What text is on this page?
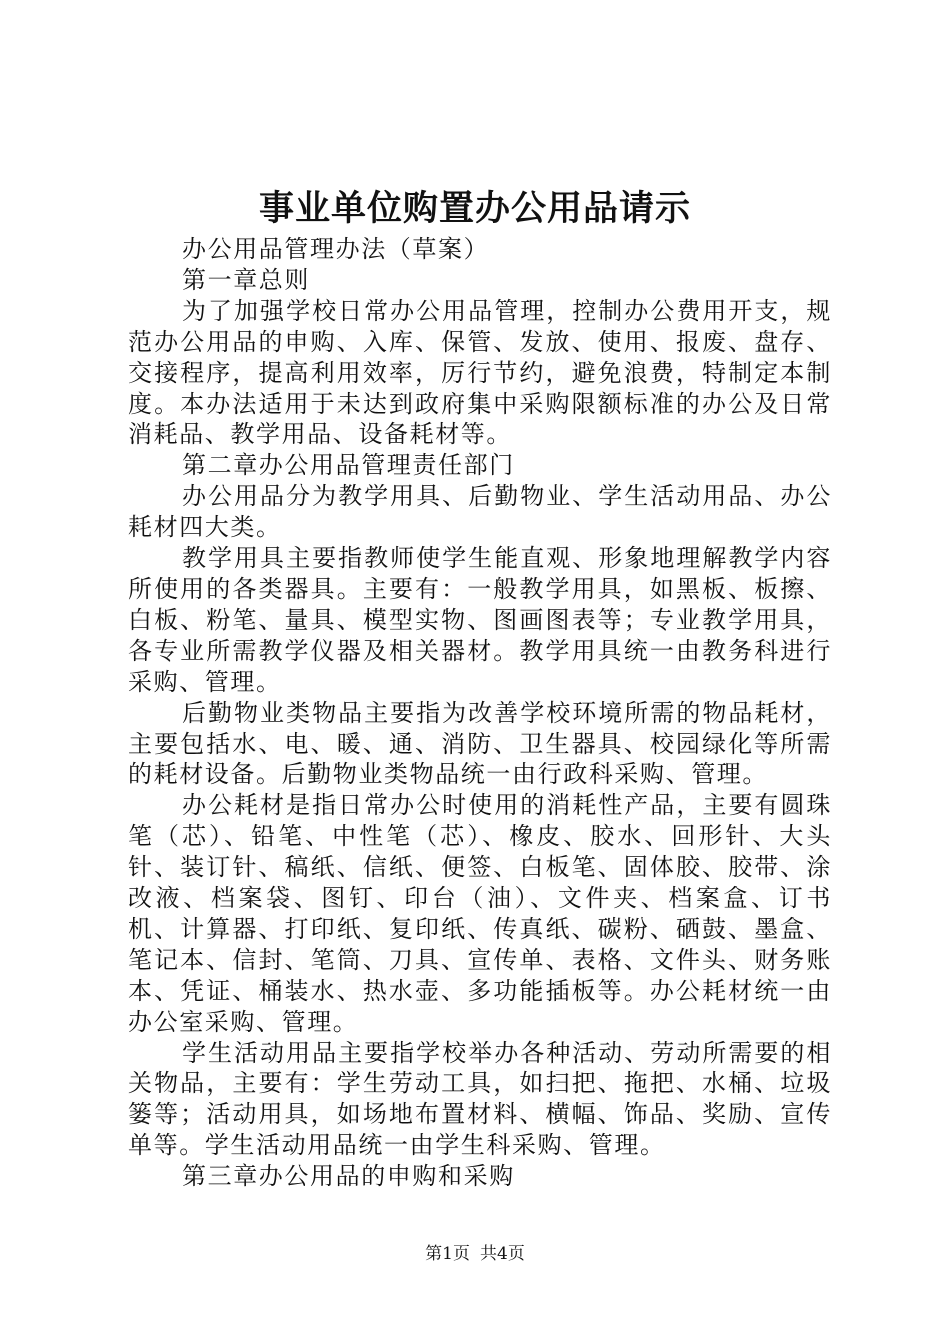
事业单位购置办公用品请示

办公用品管理办法（草案）

第一章总则

为了加强学校日常办公用品管理，控制办公费用开支，规范办公用品的申购、入库、保管、发放、使用、报废、盘存、交接程序，提高利用效率，厉行节约，避免浪费，特制定本制度。本办法适用于未达到政府集中采购限额标准的办公及日常消耗品、教学用品、设备耗材等。

第二章办公用品管理责任部门

办公用品分为教学用具、后勤物业、学生活动用品、办公耗材四大类。

教学用具主要指教师使学生能直观、形象地理解教学内容所使用的各类器具。主要有：一般教学用具，如黑板、板擦、白板、粉笔、量具、模型实物、图画图表等；专业教学用具，各专业所需教学仪器及相关器材。教学用具统一由教务科进行采购、管理。

后勤物业类物品主要指为改善学校环境所需的物品耗材，主要包括水、电、暖、通、消防、卫生器具、校园绿化等所需的耗材设备。后勤物业类物品统一由行政科采购、管理。

办公耗材是指日常办公时使用的消耗性产品，主要有圆珠笔（芯）、铅笔、中性笔（芯）、橡皮、胶水、回形针、大头针、装订针、稿纸、信纸、便签、白板笔、固体胶、胶带、涂改液、档案袋、图钉、印台（油）、文件夹、档案盒、订书机、计算器、打印纸、复印纸、传真纸、碳粉、硒鼓、墨盒、笔记本、信封、笔筒、刀具、宣传单、表格、文件头、财务账本、凭证、桶装水、热水壶、多功能插板等。办公耗材统一由办公室采购、管理。

学生活动用品主要指学校举办各种活动、劳动所需要的相关物品，主要有：学生劳动工具，如扫把、拖把、水桶、垃圾篓等；活动用具，如场地布置材料、横幅、饰品、奖励、宣传单等。学生活动用品统一由学生科采购、管理。

第三章办公用品的申购和采购

第1页 共4页
